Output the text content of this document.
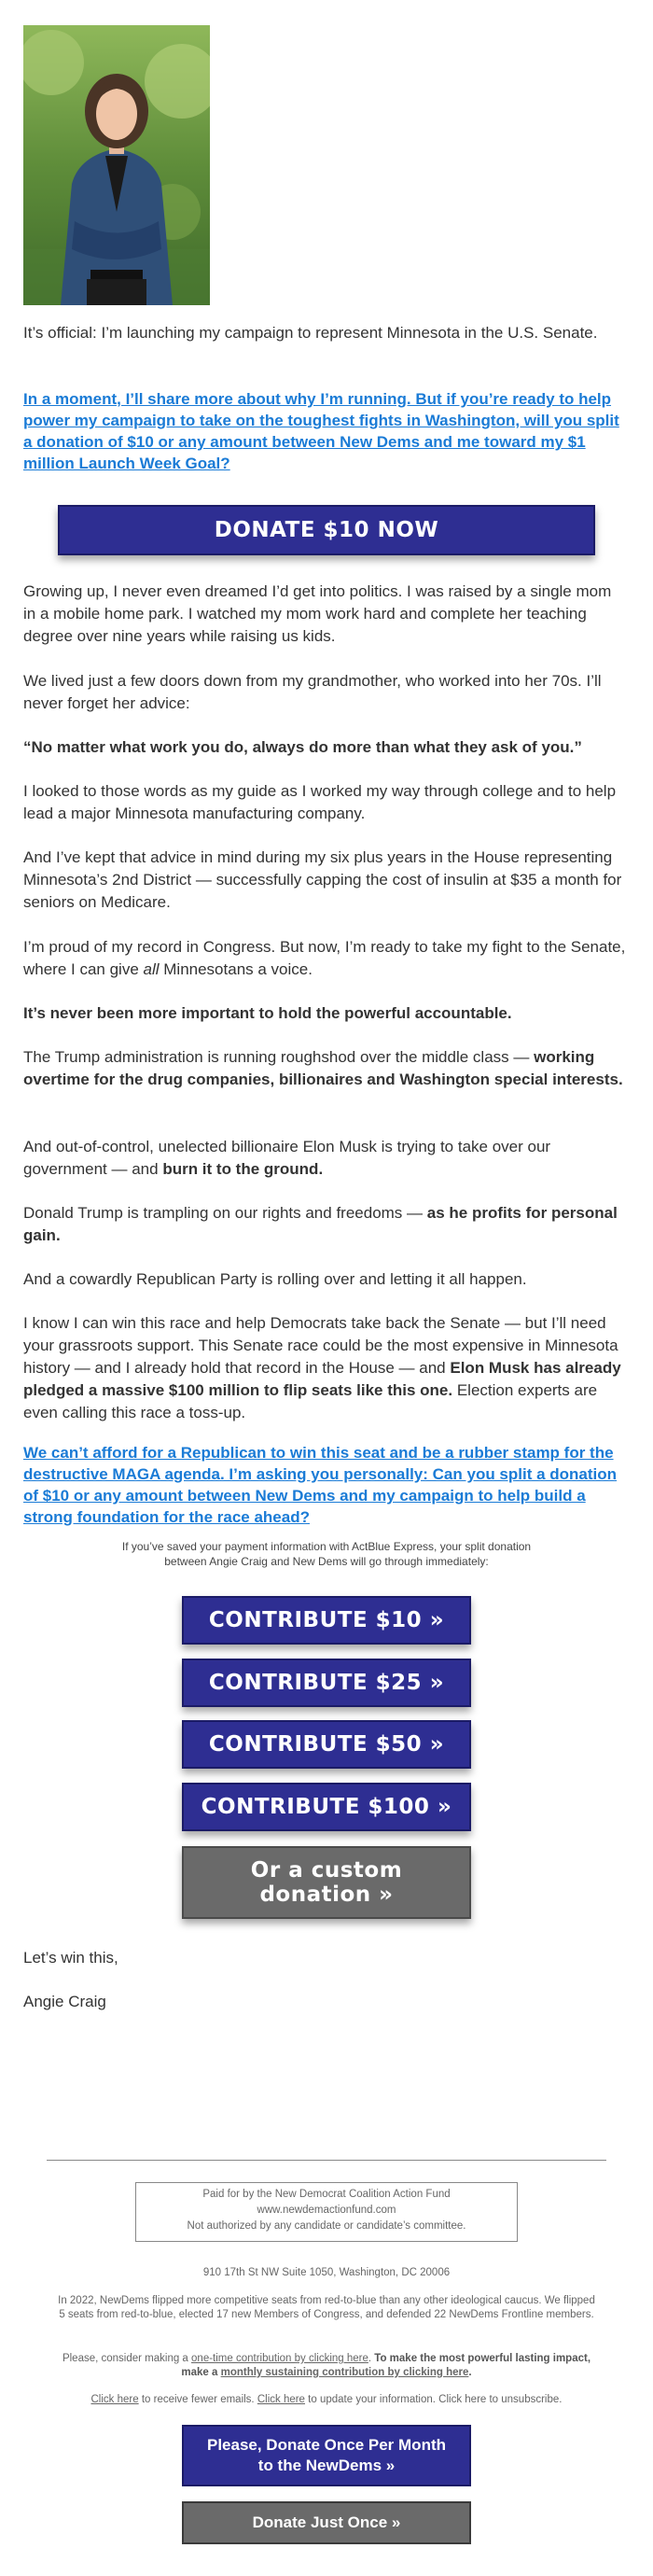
It’s official: I’m launching my campaign to represent Minnesota in the U.S. Senate.

In a moment, I’ll share more about why I’m running. But if you’re ready to help power my campaign to take on the toughest fights in Washington, will you split a donation of $10 or any amount between New Dems and me toward my $1 million Launch Week Goal?
DONATE $10 NOW

Growing up, I never even dreamed I’d get into politics. I was raised by a single mom in a mobile home park. I watched my mom work hard and complete her teaching degree over nine years while raising us kids.

We lived just a few doors down from my grandmother, who worked into her 70s. I’ll never forget her advice:

“No matter what work you do, always do more than what they ask of you.”

I looked to those words as my guide as I worked my way through college and to help lead a major Minnesota manufacturing company.

And I’ve kept that advice in mind during my six plus years in the House representing Minnesota’s 2nd District — successfully capping the cost of insulin at $35 a month for seniors on Medicare.

I’m proud of my record in Congress. But now, I’m ready to take my fight to the Senate, where I can give all Minnesotans a voice.

It’s never been more important to hold the powerful accountable.

The Trump administration is running roughshod over the middle class — working overtime for the drug companies, billionaires and Washington special interests.

And out-of-control, unelected billionaire Elon Musk is trying to take over our government — and burn it to the ground.

Donald Trump is trampling on our rights and freedoms — as he profits for personal gain.

And a cowardly Republican Party is rolling over and letting it all happen.

I know I can win this race and help Democrats take back the Senate — but I’ll need your grassroots support. This Senate race could be the most expensive in Minnesota history — and I already hold that record in the House — and Elon Musk has already pledged a massive $100 million to flip seats like this one. Election experts are even calling this race a toss-up.

We can’t afford for a Republican to win this seat and be a rubber stamp for the destructive MAGA agenda. I’m asking you personally: Can you split a donation of $10 or any amount between New Dems and my campaign to help build a strong foundation for the race ahead?
If you’ve saved your payment information with ActBlue Express, your split donation between Angie Craig and New Dems will go through immediately:
CONTRIBUTE $10 »
CONTRIBUTE $25 »
CONTRIBUTE $50 »
CONTRIBUTE $100 »
Or a custom
donation »

Let’s win this,

Angie Craig

Paid for by the New Democrat Coalition Action Fund
www.newdemactionfund.com
Not authorized by any candidate or candidate’s committee.
910 17th St NW Suite 1050, Washington, DC 20006
In 2022, NewDems flipped more competitive seats from red-to-blue than any other ideological caucus. We flipped 5 seats from red-to-blue, elected 17 new Members of Congress, and defended 22 NewDems Frontline members.
Please, consider making a one-time contribution by clicking here. To make the most powerful lasting impact, make a monthly sustaining contribution by clicking here.
Click here to receive fewer emails. Click here to update your information. Click here to unsubscribe.
Please, Donate Once Per Month to the NewDems »
Donate Just Once »
